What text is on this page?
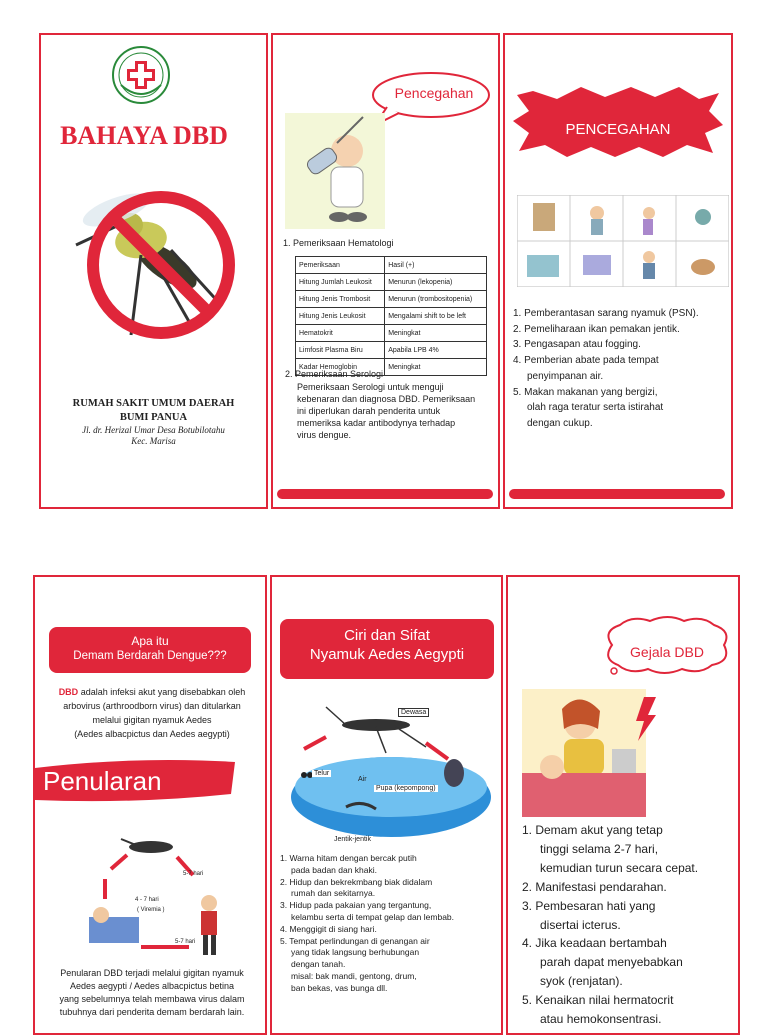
BAHAYA DBD
RUMAH SAKIT UMUM DAERAH
BUMI PANUA
Jl. dr. Herizal Umar Desa Botubilotahu
Kec. Marisa
Pencegahan
1. Pemeriksaan Hematologi
Pemeriksaan	Hasil (+)
Hitung Jumlah Leukosit	Menurun (lekopenia)
Hitung Jenis Trombosit	Menurun (trombositopenia)
Hitung Jenis Leukosit	Mengalami shift to be left
Hematokrit	Meningkat
Limfosit Plasma Biru	Apabila LPB 4%
Kadar Hemoglobin	Meningkat
2. Pemeriksaan Serologi
Pemeriksaan Serologi untuk menguji
kebenaran dan diagnosa DBD. Pemeriksaan
ini diperlukan darah penderita untuk
memeriksa kadar antibodynya terhadap
virus dengue.
PENCEGAHAN
1. Pemberantasan sarang nyamuk (PSN).
2. Pemeliharaan ikan pemakan jentik.
3. Pengasapan atau fogging.
4. Pemberian abate pada tempat
penyimpanan air.
5. Makan makanan yang bergizi,
olah raga teratur serta istirahat
dengan cukup.
Apa itu
Demam Berdarah Dengue???
DBD adalah infeksi akut yang disebabkan oleh
arbovirus (arthroodborn virus) dan ditularkan
melalui gigitan nyamuk Aedes
(Aedes albacpictus dan Aedes aegypti)
Penularan
5-7 hari
4 - 7 hari
( Viremia )
5-7 hari
Penularan DBD terjadi melalui gigitan nyamuk
Aedes aegypti / Aedes albacpictus betina
yang sebelumnya telah membawa virus dalam
tubuhnya dari penderita demam berdarah lain.
Ciri dan Sifat
Nyamuk Aedes Aegypti
Dewasa
Telur
Air
Pupa (kepompong)
Jentik-jentik
1. Warna hitam dengan bercak putih
pada badan dan khaki.
2. Hidup dan bekrekmbang biak didalam
rumah dan sekitarnya.
3. Hidup pada pakaian yang tergantung,
kelambu serta di tempat gelap dan lembab.
4. Menggigit di siang hari.
5. Tempat perlindungan di genangan air
yang tidak langsung berhubungan
dengan tanah.
misal: bak mandi, gentong, drum,
ban bekas, vas bunga dll.
Gejala DBD
1. Demam akut yang tetap
tinggi selama 2-7 hari,
kemudian turun secara cepat.
2. Manifestasi pendarahan.
3. Pembesaran hati yang
disertai icterus.
4. Jika keadaan bertambah
parah dapat menyebabkan
syok (renjatan).
5. Kenaikan nilai hermatocrit
atau hemokonsentrasi.
